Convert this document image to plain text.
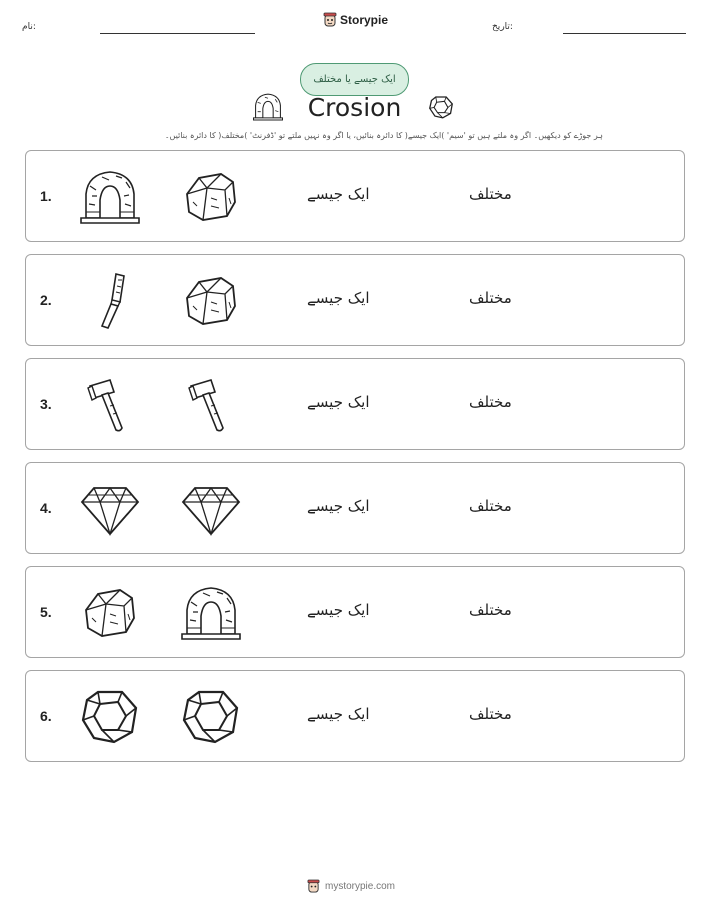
نام:	Storypie	تاریخ:
ایک جیسے یا مختلف
Crosion

ہر جوڑے کو دیکھیں۔ اگر وہ ملتے ہیں تو 'سیم' )ایک جیسے( کا دائرہ بنائیں، یا اگر وہ نہیں ملتے تو 'ڈفرنٹ' )مختلف( کا دائرہ بنائیں۔

1.	ایک جیسے	مختلف
2.	ایک جیسے	مختلف
3.	ایک جیسے	مختلف
4.	ایک جیسے	مختلف
5.	ایک جیسے	مختلف
6.	ایک جیسے	مختلف
mystorypie.com
